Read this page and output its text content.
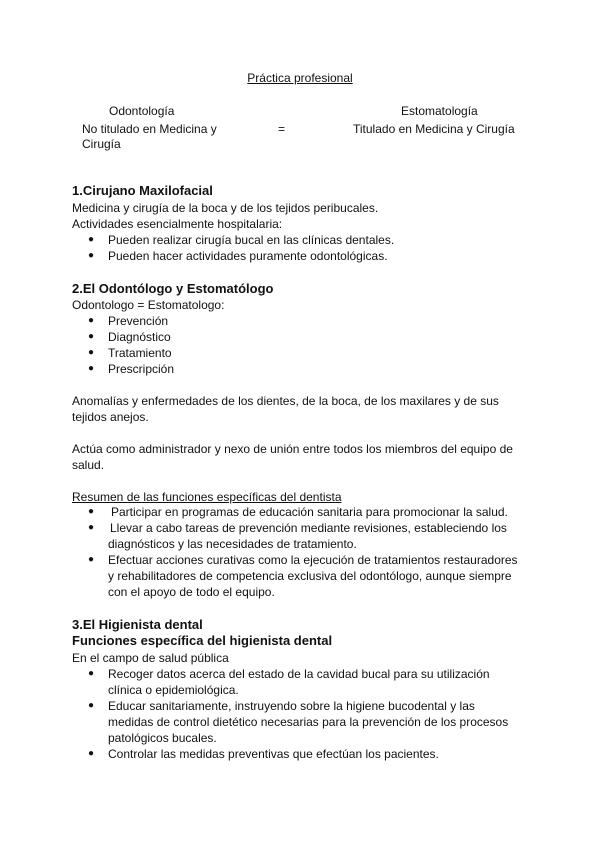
Práctica profesional
Odontología	Estomatología
No titulado en Medicina y
Cirugía
=	Titulado en Medicina y Cirugía
1.Cirujano Maxilofacial
Medicina y cirugía de la boca y de los tejidos peribucales.
Actividades esencialmente hospitalaria:
● Pueden realizar cirugía bucal en las clínicas dentales.
● Pueden hacer actividades puramente odontológicas.
2.El Odontólogo y Estomatólogo
Odontologo = Estomatologo:
● Prevención
● Diagnóstico
● Tratamiento
● Prescripción
Anomalías y enfermedades de los dientes, de la boca, de los maxilares y de sus
tejidos anejos.
Actúa como administrador y nexo de unión entre todos los miembros del equipo de
salud.
Resumen de las funciones específicas del dentista
● Participar en programas de educación sanitaria para promocionar la salud.
● Llevar a cabo tareas de prevención mediante revisiones, estableciendo los
diagnósticos y las necesidades de tratamiento.
● Efectuar acciones curativas como la ejecución de tratamientos restauradores
y rehabilitadores de competencia exclusiva del odontólogo, aunque siempre
con el apoyo de todo el equipo.
3.El Higienista dental
Funciones específica del higienista dental
En el campo de salud pública
● Recoger datos acerca del estado de la cavidad bucal para su utilización
clínica o epidemiológica.
● Educar sanitariamente, instruyendo sobre la higiene bucodental y las
medidas de control dietético necesarias para la prevención de los procesos
patológicos bucales.
● Controlar las medidas preventivas que efectúan los pacientes.
